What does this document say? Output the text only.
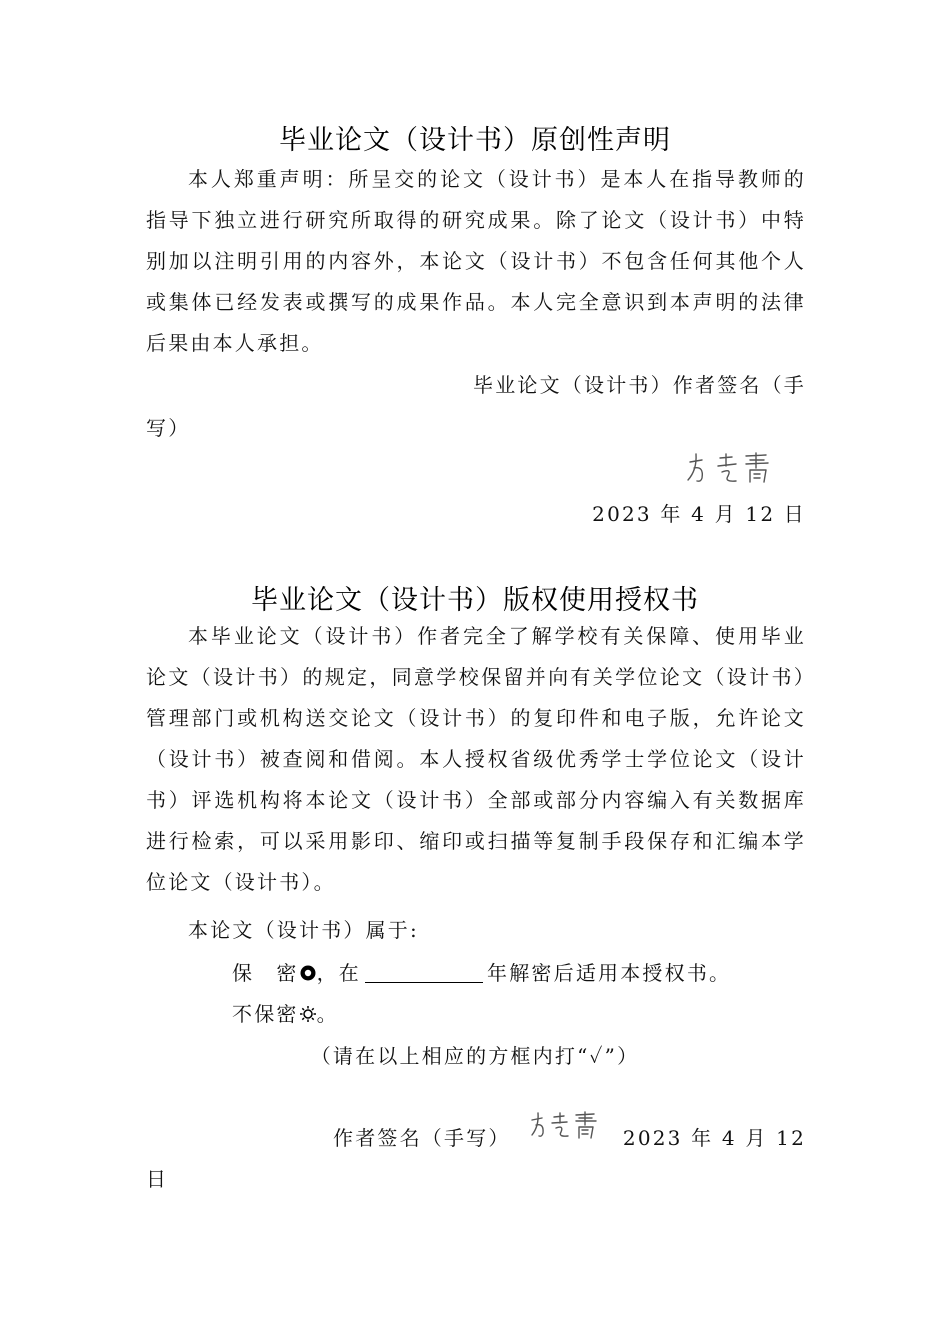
毕业论文（设计书）原创性声明

本人郑重声明：所呈交的论文（设计书）是本人在指导教师的指导下独立进行研究所取得的研究成果。除了论文（设计书）中特别加以注明引用的内容外，本论文（设计书）不包含任何其他个人或集体已经发表或撰写的成果作品。本人完全意识到本声明的法律后果由本人承担。

毕业论文（设计书）作者签名（手
写）
2023 年 4 月 12 日
毕业论文（设计书）版权使用授权书

本毕业论文（设计书）作者完全了解学校有关保障、使用毕业论文（设计书）的规定，同意学校保留并向有关学位论文（设计书）管理部门或机构送交论文（设计书）的复印件和电子版，允许论文（设计书）被查阅和借阅。本人授权省级优秀学士学位论文（设计书）评选机构将本论文（设计书）全部或部分内容编入有关数据库进行检索，可以采用影印、缩印或扫描等复制手段保存和汇编本学位论文（设计书）。

本论文（设计书）属于:
保　密 ，在	年解密后适用本授权书。
不保密 。
（请在以上相应的方框内打“✓”）
作者签名（手写）	2023 年 4 月 12
日
